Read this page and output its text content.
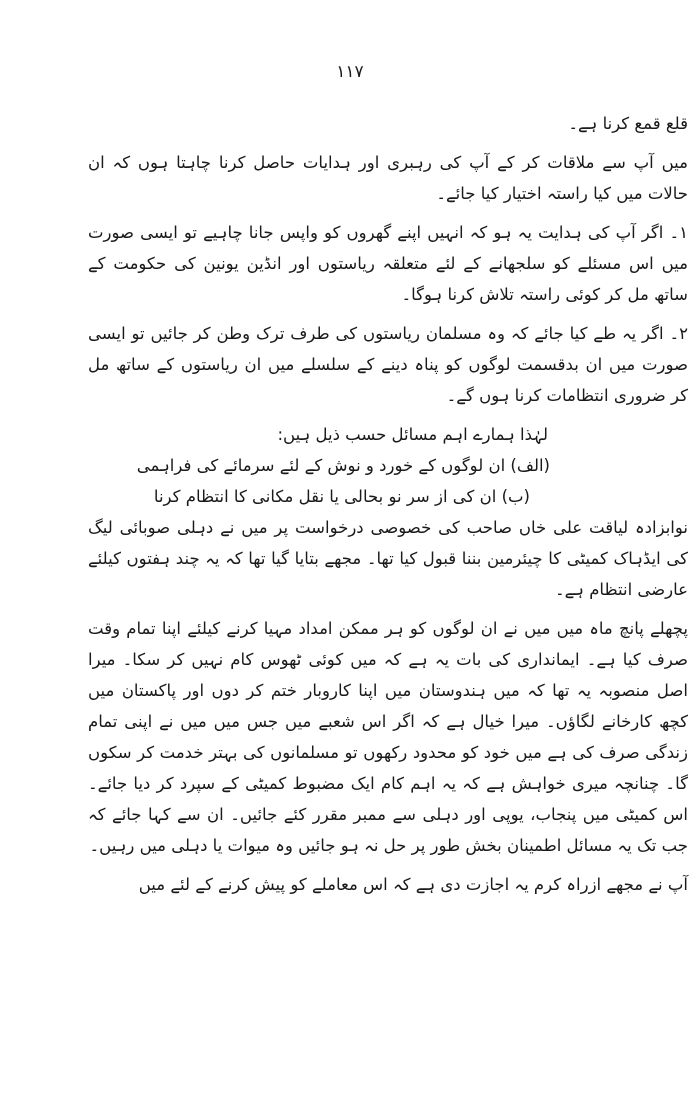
۱۱۷

قلع قمع کرنا ہے۔

میں آپ سے ملاقات کر کے آپ کی رہبری اور ہدایات حاصل کرنا چاہتا ہوں کہ ان حالات میں کیا راستہ اختیار کیا جائے۔

۱۔ اگر آپ کی ہدایت یہ ہو کہ انہیں اپنے گھروں کو واپس جانا چاہیے تو ایسی صورت میں اس مسئلے کو سلجھانے کے لئے متعلقہ ریاستوں اور انڈین یونین کی حکومت کے ساتھ مل کر کوئی راستہ تلاش کرنا ہوگا۔

۲۔ اگر یہ طے کیا جائے کہ وہ مسلمان ریاستوں کی طرف ترک وطن کر جائیں تو ایسی صورت میں ان بدقسمت لوگوں کو پناہ دینے کے سلسلے میں ان ریاستوں کے ساتھ مل کر ضروری انتظامات کرنا ہوں گے۔

لہٰذا ہمارے اہم مسائل حسب ذیل ہیں:

(الف) ان لوگوں کے خورد و نوش کے لئے سرمائے کی فراہمی

(ب) ان کی از سر نو بحالی یا نقل مکانی کا انتظام کرنا

نوابزادہ لیاقت علی خاں صاحب کی خصوصی درخواست پر میں نے دہلی صوبائی لیگ کی ایڈہاک کمیٹی کا چیئرمین بننا قبول کیا تھا۔ مجھے بتایا گیا تھا کہ یہ چند ہفتوں کیلئے عارضی انتظام ہے۔

پچھلے پانچ ماہ میں میں نے ان لوگوں کو ہر ممکن امداد مہیا کرنے کیلئے اپنا تمام وقت صرف کیا ہے۔ ایمانداری کی بات یہ ہے کہ میں کوئی ٹھوس کام نہیں کر سکا۔ میرا اصل منصوبہ یہ تھا کہ میں ہندوستان میں اپنا کاروبار ختم کر دوں اور پاکستان میں کچھ کارخانے لگاؤں۔ میرا خیال ہے کہ اگر اس شعبے میں جس میں میں نے اپنی تمام زندگی صرف کی ہے میں خود کو محدود رکھوں تو مسلمانوں کی بہتر خدمت کر سکوں گا۔ چنانچہ میری خواہش ہے کہ یہ اہم کام ایک مضبوط کمیٹی کے سپرد کر دیا جائے۔ اس کمیٹی میں پنجاب، یوپی اور دہلی سے ممبر مقرر کئے جائیں۔ ان سے کہا جائے کہ جب تک یہ مسائل اطمینان بخش طور پر حل نہ ہو جائیں وہ میوات یا دہلی میں رہیں۔

آپ نے مجھے ازراہ کرم یہ اجازت دی ہے کہ اس معاملے کو پیش کرنے کے لئے میں
